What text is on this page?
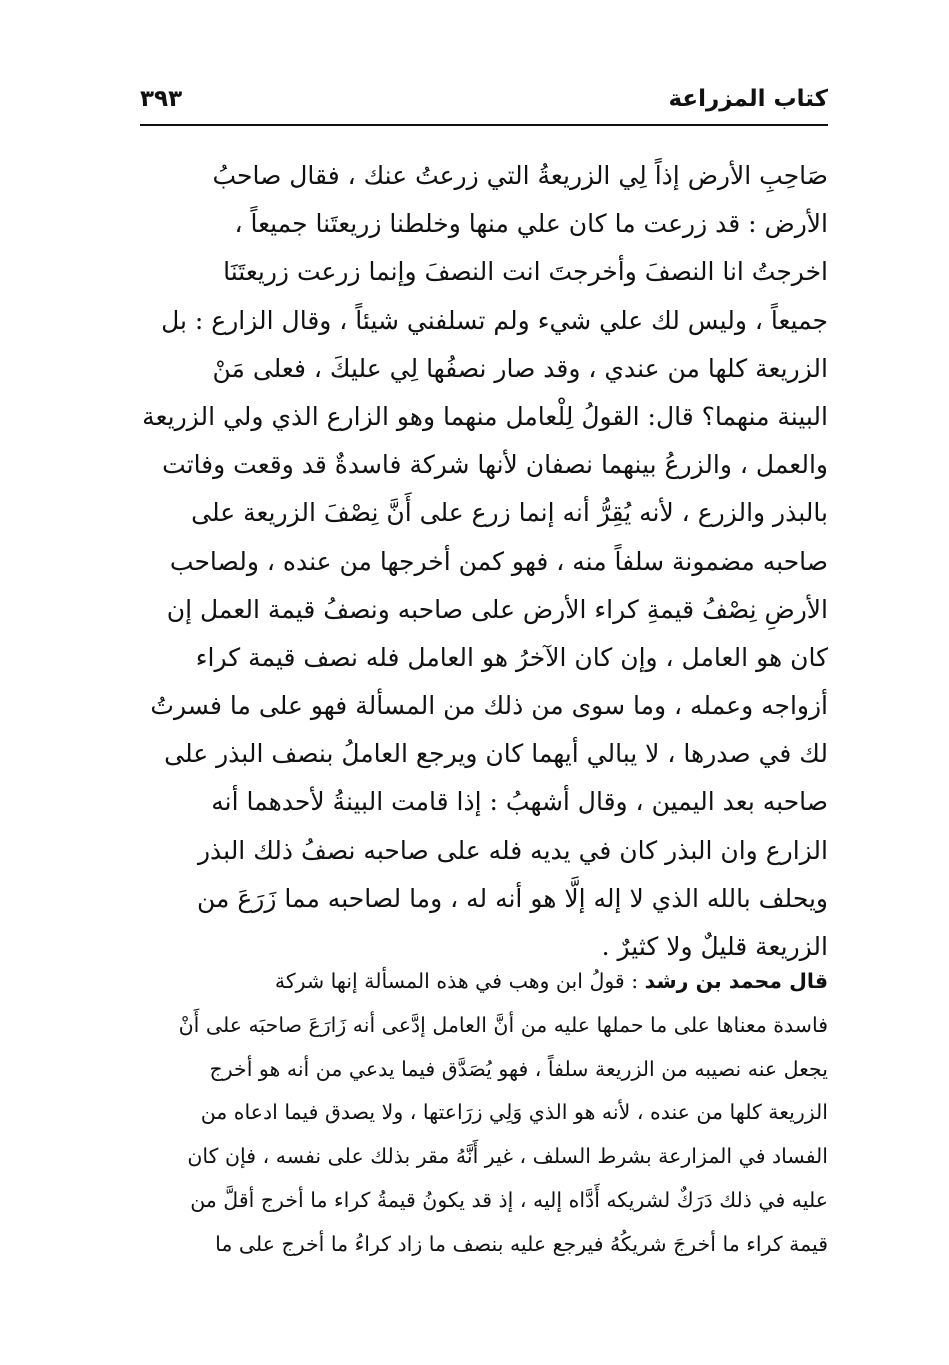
كتاب المزراعة
٣٩٣
صَاحِبِ الأرض إذاً لِي الزريعةُ التي زرعتُ عنك ، فقال صاحبُ
الأرض : قد زرعت ما كان علي منها وخلطنا زريعتَنا جميعاً ،
اخرجتُ انا النصفَ وأخرجتَ انت النصفَ وإنما زرعت زريعتَنَا
جميعاً ، وليس لك علي شيء ولم تسلفني شيئاً ، وقال الزارع : بل
الزريعة كلها من عندي ، وقد صار نصفُها لِي عليكَ ، فعلى مَنْ
البينة منهما؟ قال: القولُ لِلْعامل منهما وهو الزارع الذي ولي الزريعة
والعمل ، والزرعُ بينهما نصفان لأنها شركة فاسدةٌ قد وقعت وفاتت
بالبذر والزرع ، لأنه يُقِرُّ أنه إنما زرع على أَنَّ نِصْفَ الزريعة على
صاحبه مضمونة سلفاً منه ، فهو كمن أخرجها من عنده ، ولصاحب
الأرضِ نِصْفُ قيمةِ كراء الأرض على صاحبه ونصفُ قيمة العمل إن
كان هو العامل ، وإن كان الآخرُ هو العامل فله نصف قيمة كراء
أزواجه وعمله ، وما سوى من ذلك من المسألة فهو على ما فسرتُ
لك في صدرها ، لا يبالي أيهما كان ويرجع العاملُ بنصف البذر على
صاحبه بعد اليمين ، وقال أشهبُ : إذا قامت البينةُ لأحدهما أنه
الزارع وان البذر كان في يديه فله على صاحبه نصفُ ذلك البذر
ويحلف بالله الذي لا إله إلَّا هو أنه له ، وما لصاحبه مما زَرَعَ من
الزريعة قليلٌ ولا كثيرٌ .
قال محمد بن رشد : قولُ ابن وهب في هذه المسألة إنها شركة
فاسدة معناها على ما حملها عليه من أنَّ العامل إدَّعى أنه زَارَعَ صاحبَه على أَنْ
يجعل عنه نصيبه من الزريعة سلفاً ، فهو يُصَدَّق فيما يدعي من أنه هو أخرج
الزريعة كلها من عنده ، لأنه هو الذي وَلِي زرَاعتها ، ولا يصدق فيما ادعاه من
الفساد في المزارعة بشرط السلف ، غير أَنَّهُ مقر بذلك على نفسه ، فإن كان
عليه في ذلك دَرَكٌ لشريكه أَدَّاه إليه ، إذ قد يكونُ قيمةُ كراء ما أخرج أقلَّ من
قيمة كراء ما أخرجَ شريكُهُ فيرجع عليه بنصف ما زاد كراءُ ما أخرج على ما
